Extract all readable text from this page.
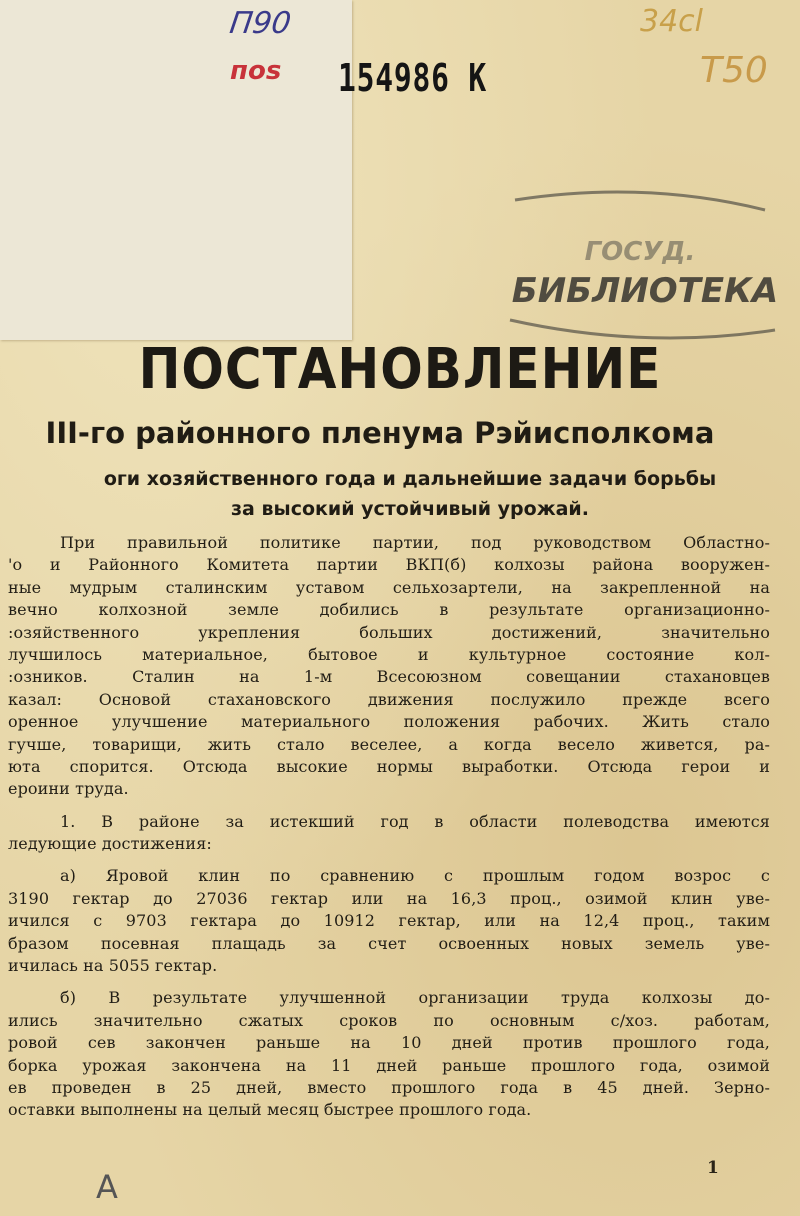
П90
поs 154986 К
34cl
Т50
ГОСУД.
БИБЛИОТЕКА
ПОСТАНОВЛЕНИЕ
III-го районного пленума Рэйисполкома
оги хозяйственного года и дальнейшие задачи борьбы
за высокий устойчивый урожай.
При правильной политике партии, под руководством Областно-
'о и Районного Комитета партии ВКП(б) колхозы района вооружен-
ные мудрым сталинским уставом сельхозартели, на закрепленной на
вечно колхозной земле добились в результате организационно-
:озяйственного укрепления больших достижений, значительно
лучшилось материальное, бытовое и культурное состояние кол-
:озников. Сталин на 1-м Всесоюзном совещании стахановцев
казал: Основой стахановского движения послужило прежде всего
оренное улучшение материального положения рабочих. Жить стало
гучше, товарищи, жить стало веселее, а когда весело живется, ра-
юта спорится. Отсюда высокие нормы выработки. Отсюда герои и
ероини труда.
1. В районе за истекший год в области полеводства имеются
ледующие достижения:
а) Яровой клин по сравнению с прошлым годом возрос с
3190 гектар до 27036 гектар или на 16,3 проц., озимой клин уве-
ичился с 9703 гектара до 10912 гектар, или на 12,4 проц., таким
бразом посевная плащадь за счет освоенных новых земель уве-
ичилась на 5055 гектар.
б) В результате улучшенной организации труда колхозы до-
ились значительно сжатых сроков по основным с/хоз. работам,
ровой сев закончен раньше на 10 дней против прошлого года,
борка урожая закончена на 11 дней раньше прошлого года, озимой
ев проведен в 25 дней, вместо прошлого года в 45 дней. Зерно-
оставки выполнены на целый месяц быстрее прошлого года.
1
А
